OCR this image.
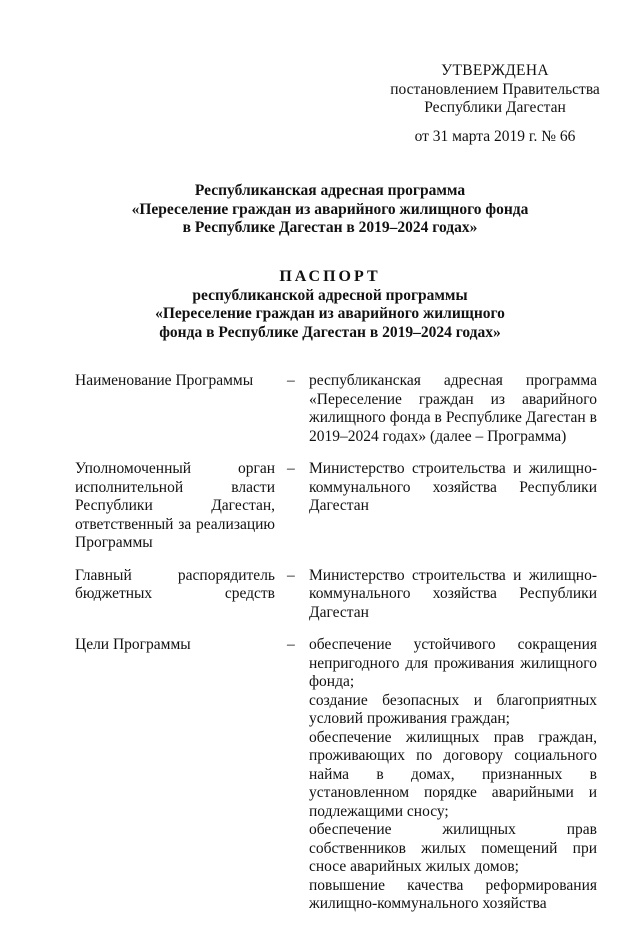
УТВЕРЖДЕНА
постановлением Правительства
Республики Дагестан
от 31 марта 2019 г. № 66
Республиканская адресная программа
«Переселение граждан из аварийного жилищного фонда
в Республике Дагестан в 2019–2024 годах»
ПАСПОРТ
республиканской адресной программы
«Переселение граждан из аварийного жилищного
фонда в Республике Дагестан в 2019–2024 годах»
Наименование Программы	– республиканская адресная программа «Переселение граждан из аварийного жилищного фонда в Республике Дагестан в 2019–2024 годах» (далее – Программа)

Уполномоченный орган исполнительной власти Республики Дагестан, ответственный за реализацию Программы
– Министерство строительства и жилищно-коммунального хозяйства Республики Дагестан

Главный распорядитель бюджетных средств
– Министерство строительства и жилищно-коммунального хозяйства Республики Дагестан

Цели Программы	– обеспечение устойчивого сокращения непригодного для проживания жилищного фонда;

создание безопасных и благоприятных условий проживания граждан;

обеспечение жилищных прав граждан, проживающих по договору социального найма в домах, признанных в установленном порядке аварийными и подлежащими сносу;

обеспечение жилищных прав собственников жилых помещений при сносе аварийных жилых домов;

повышение качества реформирования жилищно-коммунального хозяйства
